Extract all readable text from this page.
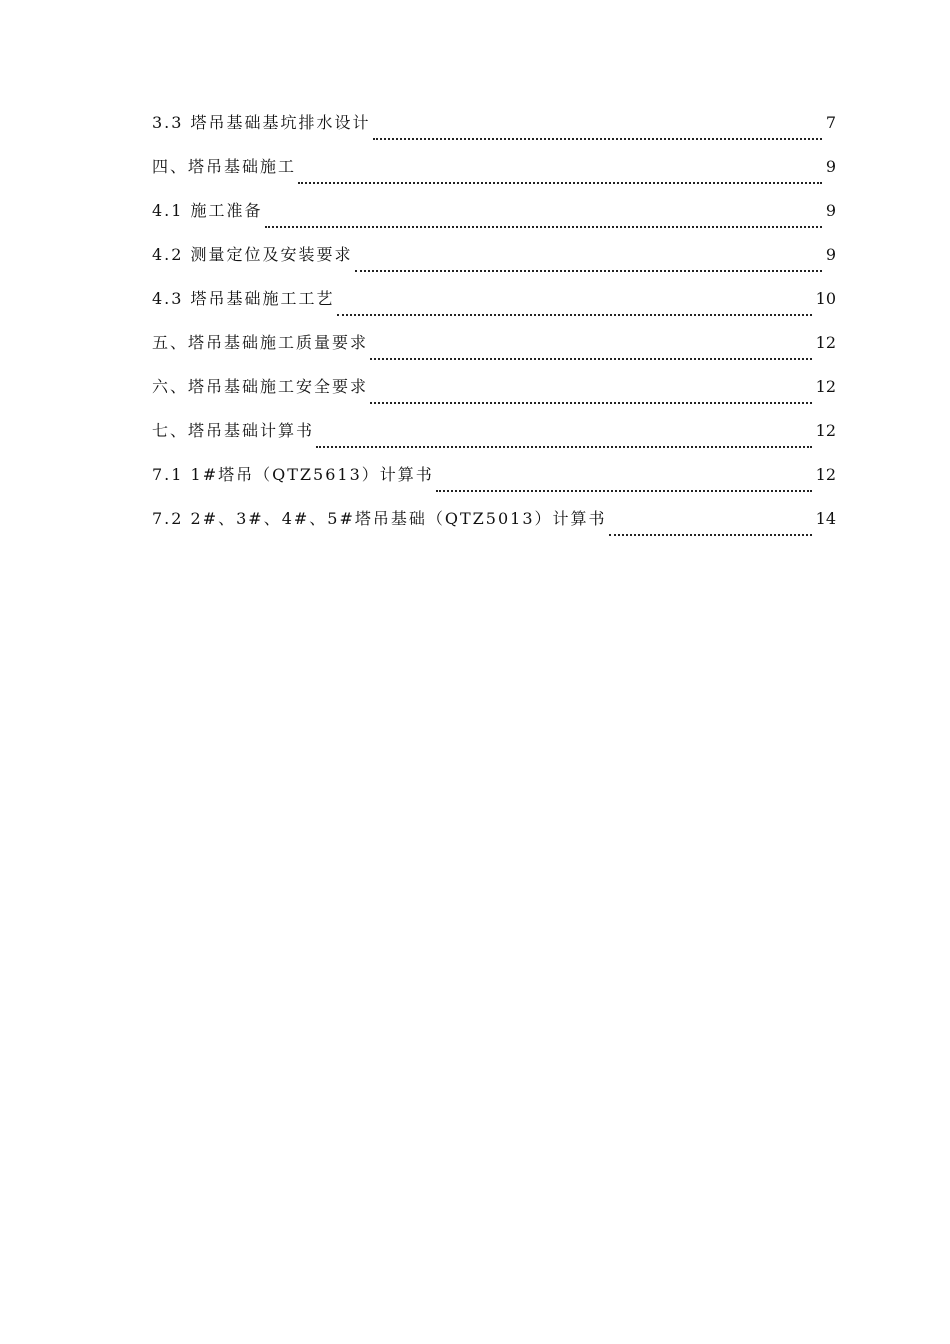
3.3 塔吊基础基坑排水设计	7
四、塔吊基础施工	9
4.1 施工准备	9
4.2 测量定位及安装要求	9
4.3 塔吊基础施工工艺	10
五、塔吊基础施工质量要求	12
六、塔吊基础施工安全要求	12
七、塔吊基础计算书	12
7.1 1#塔吊（QTZ5613）计算书	12
7.2 2#、3#、4#、5#塔吊基础（QTZ5013）计算书	14
